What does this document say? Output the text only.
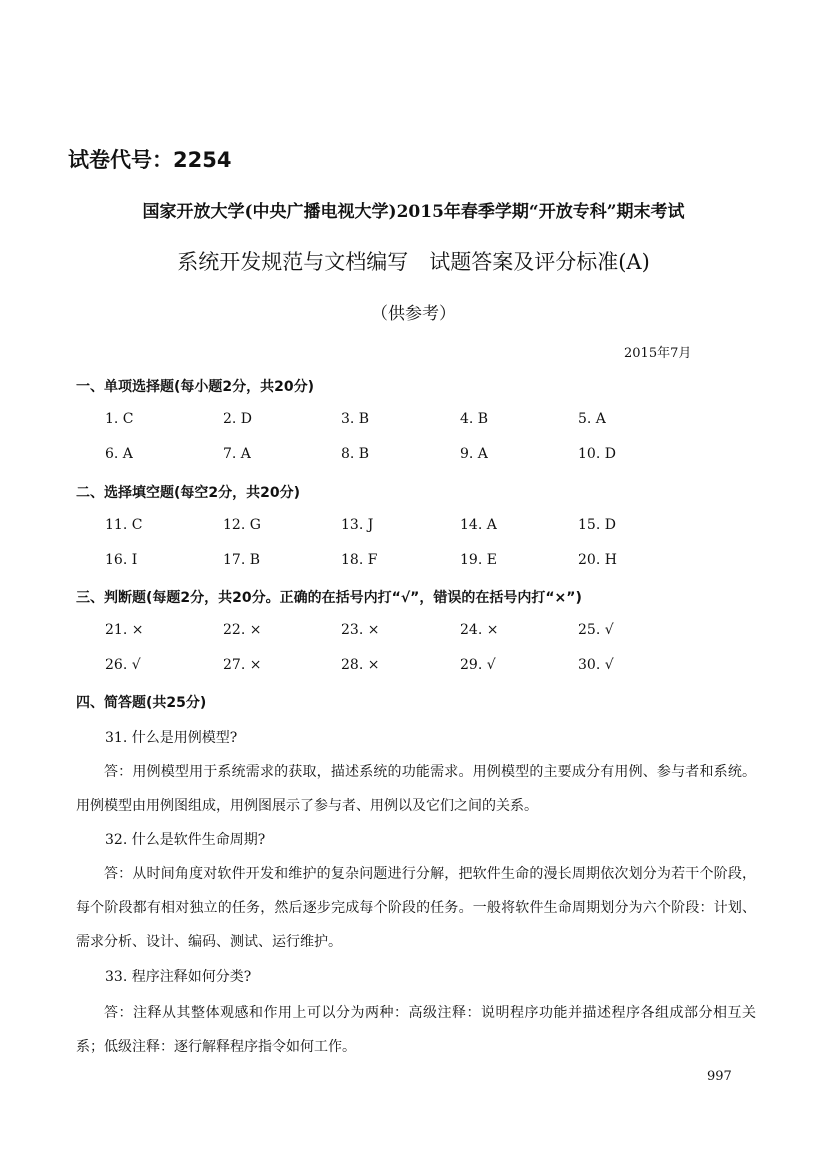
试卷代号：2254
国家开放大学(中央广播电视大学)2015年春季学期“开放专科”期末考试
系统开发规范与文档编写　试题答案及评分标准(A)
（供参考）
2015年7月
一、单项选择题(每小题2分，共20分)
1. C	2. D	3. B	4. B	5. A
6. A	7. A	8. B	9. A	10. D
二、选择填空题(每空2分，共20分)
11. C	12. G	13. J	14. A	15. D
16. I	17. B	18. F	19. E	20. H
三、判断题(每题2分，共20分。正确的在括号内打“√”，错误的在括号内打“×”)
21. ×	22. ×	23. ×	24. ×	25. √
26. √	27. ×	28. ×	29. √	30. √
四、简答题(共25分)
31. 什么是用例模型?
答：用例模型用于系统需求的获取，描述系统的功能需求。用例模型的主要成分有用例、参与者和系统。用例模型由用例图组成，用例图展示了参与者、用例以及它们之间的关系。
32. 什么是软件生命周期?
答：从时间角度对软件开发和维护的复杂问题进行分解，把软件生命的漫长周期依次划分为若干个阶段，每个阶段都有相对独立的任务，然后逐步完成每个阶段的任务。一般将软件生命周期划分为六个阶段：计划、需求分析、设计、编码、测试、运行维护。
33. 程序注释如何分类?
答：注释从其整体观感和作用上可以分为两种：高级注释：说明程序功能并描述程序各组成部分相互关系；低级注释：逐行解释程序指令如何工作。
997
